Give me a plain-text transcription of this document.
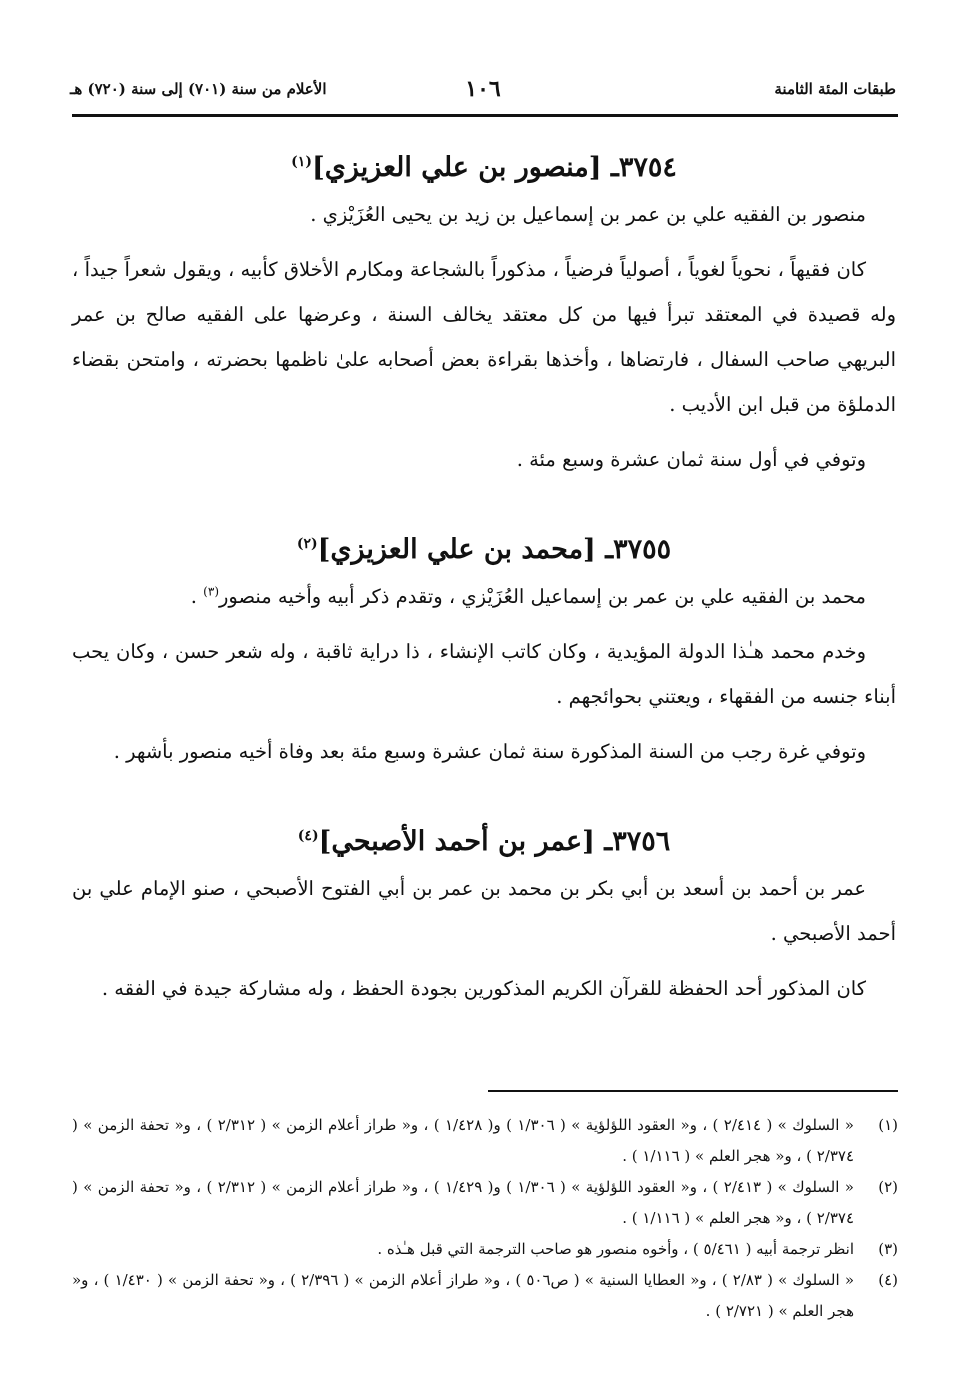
طبقات المئة الثامنة
١٠٦
الأعلام من سنة (٧٠١) إلى سنة (٧٢٠) هـ
٣٧٥٤ـ [منصور بن علي العزيزي]$^{(١)}$

منصور بن الفقيه علي بن عمر بن إسماعيل بن زيد بن يحيى العُزَيْزي .

كان فقيهاً ، نحوياً لغوياً ، أصولياً فرضياً ، مذكوراً بالشجاعة ومكارم الأخلاق كأبيه ، ويقول شعراً جيداً ، وله قصيدة في المعتقد تبرأ فيها من كل معتقد يخالف السنة ، وعرضها على الفقيه صالح بن عمر البريهي صاحب السفال ، فارتضاها ، وأخذها بقراءة بعض أصحابه علىٰ ناظمها بحضرته ، وامتحن بقضاء الدملؤة من قبل ابن الأديب .

وتوفي في أول سنة ثمان عشرة وسبع مئة .

٣٧٥٥ـ [محمد بن علي العزيزي]$^{(٢)}$

محمد بن الفقيه علي بن عمر بن إسماعيل العُزَيْزي ، وتقدم ذكر أبيه وأخيه منصور$^{(٣)}$ .

وخدم محمد هـٰذا الدولة المؤيدية ، وكان كاتب الإنشاء ، ذا دراية ثاقبة ، وله شعر حسن ، وكان يحب أبناء جنسه من الفقهاء ، ويعتني بحوائجهم .

وتوفي غرة رجب من السنة المذكورة سنة ثمان عشرة وسبع مئة بعد وفاة أخيه منصور بأشهر .

٣٧٥٦ـ [عمر بن أحمد الأصبحي]$^{(٤)}$

عمر بن أحمد بن أسعد بن أبي بكر بن محمد بن عمر بن أبي الفتوح الأصبحي ، صنو الإمام علي بن أحمد الأصبحي .

كان المذكور أحد الحفظة للقرآن الكريم المذكورين بجودة الحفظ ، وله مشاركة جيدة في الفقه .

(١)
« السلوك » ( ٢/٤١٤ ) ، و« العقود اللؤلؤية » ( ١/٣٠٦ ) و( ١/٤٢٨ ) ، و« طراز أعلام الزمن » ( ٢/٣١٢ ) ، و« تحفة الزمن » ( ٢/٣٧٤ ) ، و« هجر العلم » ( ١/١١٦ ) .
(٢)
« السلوك » ( ٢/٤١٣ ) ، و« العقود اللؤلؤية » ( ١/٣٠٦ ) و( ١/٤٢٩ ) ، و« طراز أعلام الزمن » ( ٢/٣١٢ ) ، و« تحفة الزمن » ( ٢/٣٧٤ ) ، و« هجر العلم » ( ١/١١٦ ) .
(٣)
انظر ترجمة أبيه ( ٥/٤٦١ ) ، وأخوه منصور هو صاحب الترجمة التي قبل هـٰذه .
(٤)
« السلوك » ( ٢/٨٣ ) ، و« العطايا السنية » ( ص٥٠٦ ) ، و« طراز أعلام الزمن » ( ٢/٣٩٦ ) ، و« تحفة الزمن » ( ١/٤٣٠ ) ، و« هجر العلم » ( ٢/٧٢١ ) .
